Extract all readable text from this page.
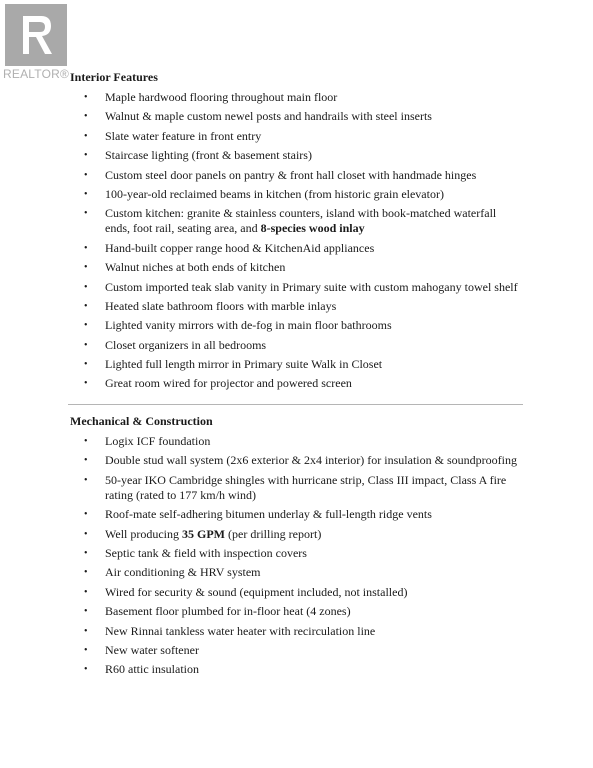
REALTOR® Interior Features
• Maple hardwood flooring throughout main floor
• Walnut & maple custom newel posts and handrails with steel inserts
• Slate water feature in front entry
• Staircase lighting (front & basement stairs)
• Custom steel door panels on pantry & front hall closet with handmade hinges
• 100-year-old reclaimed beams in kitchen (from historic grain elevator)
• Custom kitchen: granite & stainless counters, island with book-matched waterfall ends, foot rail, seating area, and 8-species wood inlay
• Hand-built copper range hood & KitchenAid appliances
• Walnut niches at both ends of kitchen
• Custom imported teak slab vanity in Primary suite with custom mahogany towel shelf
• Heated slate bathroom floors with marble inlays
• Lighted vanity mirrors with de-fog in main floor bathrooms
• Closet organizers in all bedrooms
• Lighted full length mirror in Primary suite Walk in Closet
• Great room wired for projector and powered screen
Mechanical & Construction
• Logix ICF foundation
• Double stud wall system (2x6 exterior & 2x4 interior) for insulation & soundproofing
• 50-year IKO Cambridge shingles with hurricane strip, Class III impact, Class A fire rating (rated to 177 km/h wind)
• Roof-mate self-adhering bitumen underlay & full-length ridge vents
• Well producing 35 GPM (per drilling report)
• Septic tank & field with inspection covers
• Air conditioning & HRV system
• Wired for security & sound (equipment included, not installed)
• Basement floor plumbed for in-floor heat (4 zones)
• New Rinnai tankless water heater with recirculation line
• New water softener
• R60 attic insulation
